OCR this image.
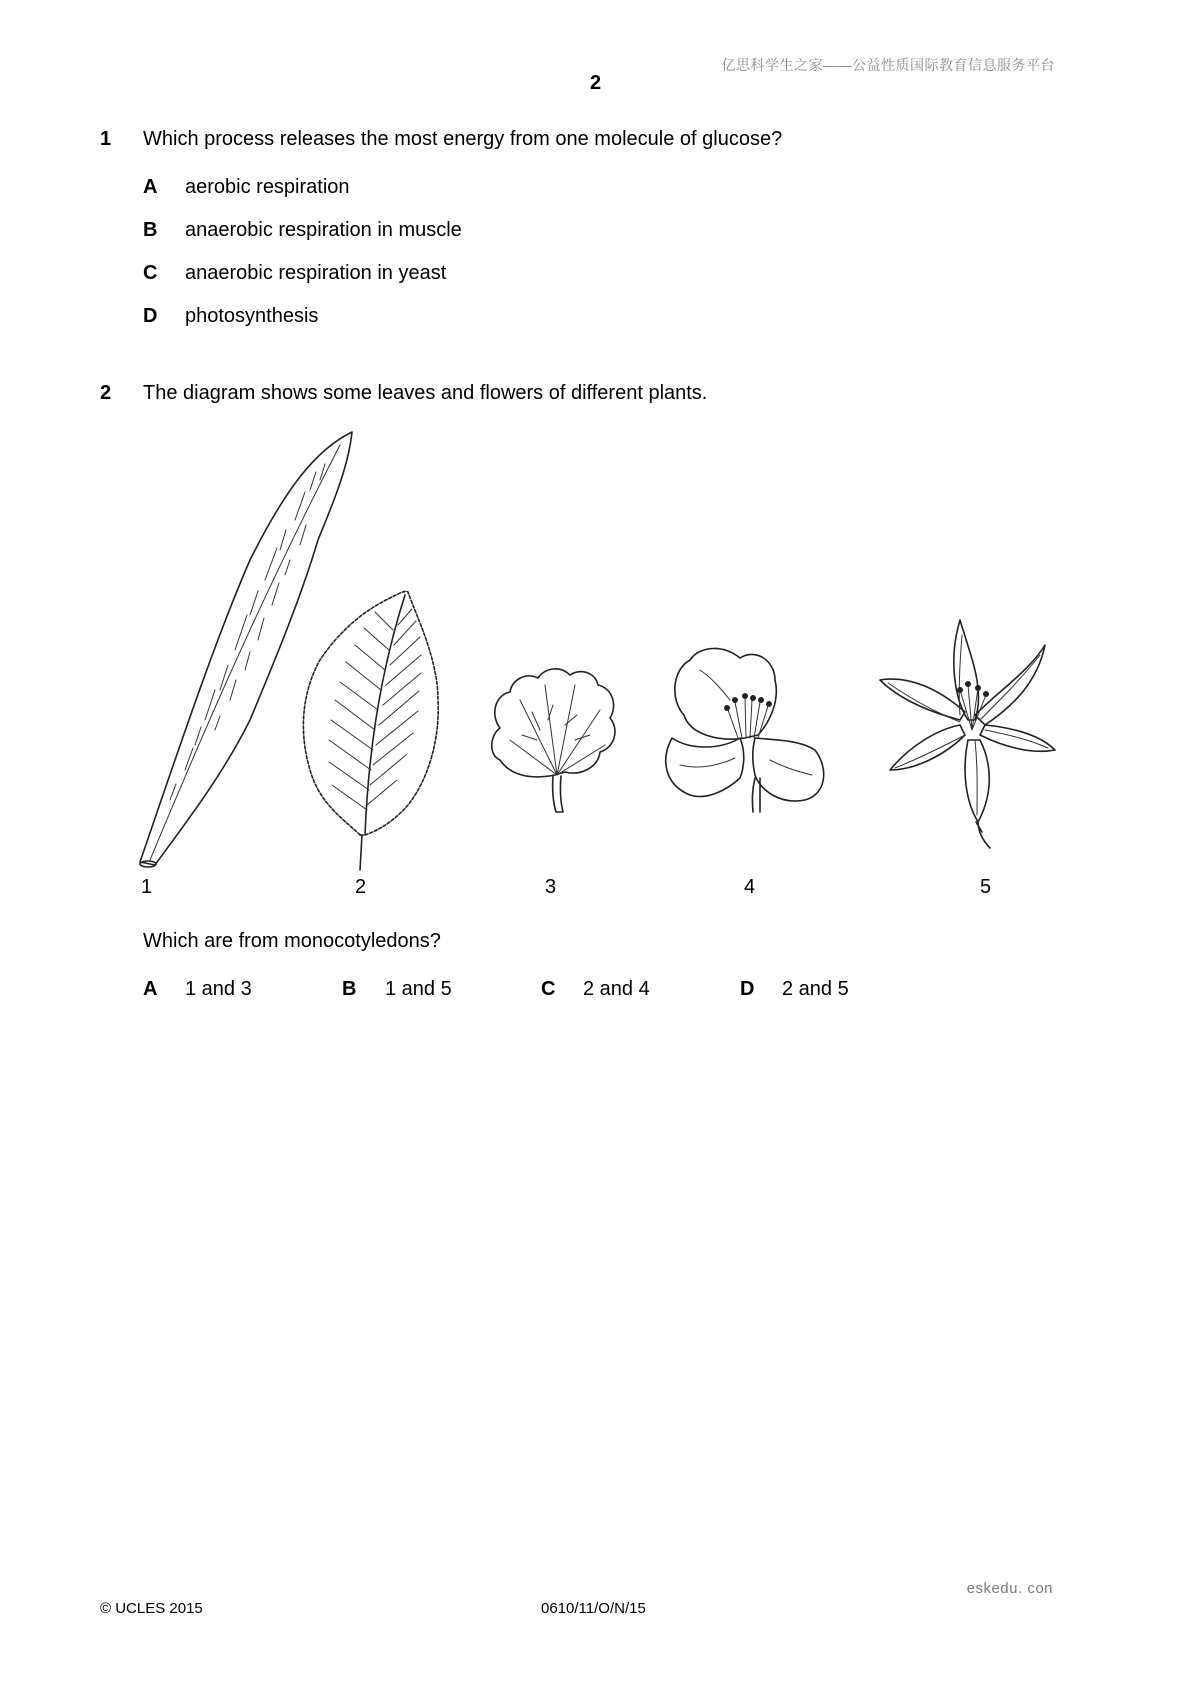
亿思科学生之家——公益性质国际教育信息服务平台
2
1 Which process releases the most energy from one molecule of glucose?
A aerobic respiration
B anaerobic respiration in muscle
C anaerobic respiration in yeast
D photosynthesis
2 The diagram shows some leaves and flowers of different plants.
1	2	3	4	5
Which are from monocotyledons?
A 1 and 3	B 1 and 5	C 2 and 4	D 2 and 5
eskedu. con
© UCLES 2015	0610/11/O/N/15
